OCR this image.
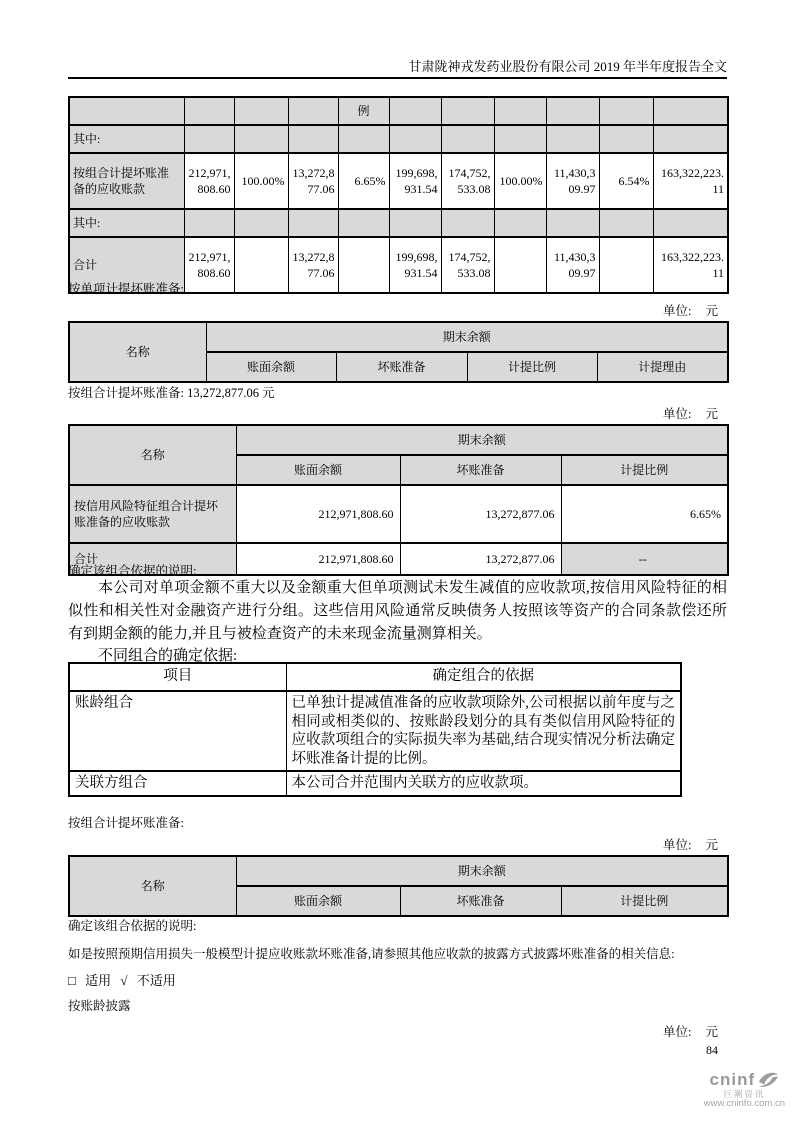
甘肃陇神戎发药业股份有限公司 2019 年半年度报告全文
				例						
其中:										
按组合计提坏账准备的应收账款	212,971,808.60	100.00%	13,272,877.06	6.65%	199,698,931.54	174,752,533.08	100.00%	11,430,309.97	6.54%	163,322,223.11
其中:										
合计	212,971,808.60		13,272,877.06		199,698,931.54	174,752,533.08		11,430,309.97		163,322,223.11
按单项计提坏账准备:
单位: 元
名称	期末余额			
	账面余额	坏账准备	计提比例	计提理由
按组合计提坏账准备: 13,272,877.06 元
单位: 元
名称	期末余额		
	账面余额	坏账准备	计提比例
按信用风险特征组合计提坏账准备的应收账款	212,971,808.60	13,272,877.06	6.65%
合计	212,971,808.60	13,272,877.06	--
确定该组合依据的说明:
本公司对单项金额不重大以及金额重大但单项测试未发生减值的应收款项,按信用风险特征的相似性和相关性对金融资产进行分组。这些信用风险通常反映债务人按照该等资产的合同条款偿还所有到期金额的能力,并且与被检查资产的未来现金流量测算相关。
不同组合的确定依据:
项目	确定组合的依据
账龄组合	已单独计提减值准备的应收款项除外,公司根据以前年度与之相同或相类似的、按账龄段划分的具有类似信用风险特征的应收款项组合的实际损失率为基础,结合现实情况分析法确定坏账准备计提的比例。
关联方组合	本公司合并范围内关联方的应收款项。
按组合计提坏账准备:
单位: 元
名称	期末余额		
	账面余额	坏账准备	计提比例
确定该组合依据的说明:
如是按照预期信用损失一般模型计提应收账款坏账准备,请参照其他应收款的披露方式披露坏账准备的相关信息:
□ 适用 √ 不适用
按账龄披露
单位: 元
84
cninf
巨潮资讯
www.cninfo.com.cn
